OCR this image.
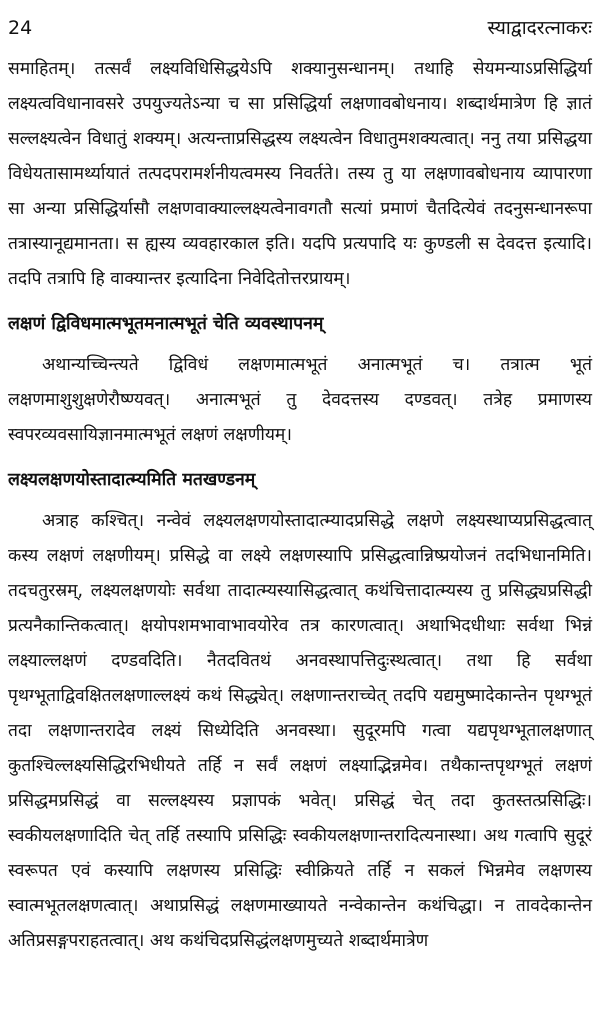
24	स्याद्वादरत्नाकरः

समाहितम्। तत्सर्वं लक्ष्यविधिसिद्धयेऽपि शक्यानुसन्धानम्। तथाहि सेयमन्याऽप्रसिद्धिर्या लक्ष्यत्वविधानावसरे उपयुज्यतेऽन्या च सा प्रसिद्धिर्या लक्षणावबोधनाय। शब्दार्थमात्रेण हि ज्ञातं सल्लक्ष्यत्वेन विधातुं शक्यम्। अत्यन्ताप्रसिद्धस्य लक्ष्यत्वेन विधातुमशक्यत्वात्। ननु तया प्रसिद्धया विधेयतासामर्थ्यायातं तत्पदपरामर्शनीयत्वमस्य निवर्तते। तस्य तु या लक्षणावबोधनाय व्यापारणा सा अन्या प्रसिद्धिर्यासौ लक्षणवाक्याल्लक्ष्यत्वेनावगतौ सत्यां प्रमाणं चैतदित्येवं तदनुसन्धानरूपा तत्रास्यानूद्यमानता। स ह्यस्य व्यवहारकाल इति। यदपि प्रत्यपादि यः कुण्डली स देवदत्त इत्यादि। तदपि तत्रापि हि वाक्यान्तर इत्यादिना निवेदितोत्तरप्रायम्।

लक्षणं द्विविधमात्मभूतमनात्मभूतं चेति व्यवस्थापनम्

अथान्यच्चिन्त्यते द्विविधं लक्षणमात्मभूतं अनात्मभूतं च। तत्रात्म भूतं लक्षणमाशुशुक्षणेरौष्ण्यवत्। अनात्मभूतं तु देवदत्तस्य दण्डवत्। तत्रेह प्रमाणस्य स्वपरव्यवसायिज्ञानमात्मभूतं लक्षणं लक्षणीयम्।

लक्ष्यलक्षणयोस्तादात्म्यमिति मतखण्डनम्

अत्राह कश्चित्। नन्वेवं लक्ष्यलक्षणयोस्तादात्म्यादप्रसिद्धे लक्षणे लक्ष्यस्थाप्यप्रसिद्धत्वात् कस्य लक्षणं लक्षणीयम्। प्रसिद्धे वा लक्ष्ये लक्षणस्यापि प्रसिद्धत्वान्निष्प्रयोजनं तदभिधानमिति। तदचतुरस्रम्, लक्ष्यलक्षणयोः सर्वथा तादात्म्यस्यासिद्धत्वात् कथंचित्तादात्म्यस्य तु प्रसिद्ध्यप्रसिद्धी प्रत्यनैकान्तिकत्वात्। क्षयोपशमभावाभावयोरेव तत्र कारणत्वात्। अथाभिदधीथाः सर्वथा भिन्नं लक्ष्याल्लक्षणं दण्डवदिति। नैतदवितथं अनवस्थापत्तिदुःस्थत्वात्। तथा हि सर्वथा पृथग्भूताद्विवक्षितलक्षणाल्लक्ष्यं कथं सिद्ध्येत्। लक्षणान्तराच्चेत् तदपि यद्यमुष्मादेकान्तेन पृथग्भूतं तदा लक्षणान्तरादेव लक्ष्यं सिध्येदिति अनवस्था। सुदूरमपि गत्वा यद्यपृथग्भूतालक्षणात् कुतश्चिल्लक्ष्यसिद्धिरभिधीयते तर्हि न सर्वं लक्षणं लक्ष्याद्भिन्नमेव। तथैकान्तपृथग्भूतं लक्षणं प्रसिद्धमप्रसिद्धं वा सल्लक्ष्यस्य प्रज्ञापकं भवेत्। प्रसिद्धं चेत् तदा कुतस्तत्प्रसिद्धिः। स्वकीयलक्षणादिति चेत् तर्हि तस्यापि प्रसिद्धिः स्वकीयलक्षणान्तरादित्यनास्था। अथ गत्वापि सुदूरं स्वरूपत एवं कस्यापि लक्षणस्य प्रसिद्धिः स्वीक्रियते तर्हि न सकलं भिन्नमेव लक्षणस्य स्वात्मभूतलक्षणत्वात्। अथाप्रसिद्धं लक्षणमाख्यायते नन्वेकान्तेन कथंचिद्धा। न तावदेकान्तेन अतिप्रसङ्गपराहतत्वात्। अथ कथंचिदप्रसिद्धंलक्षणमुच्यते शब्दार्थमात्रेण
